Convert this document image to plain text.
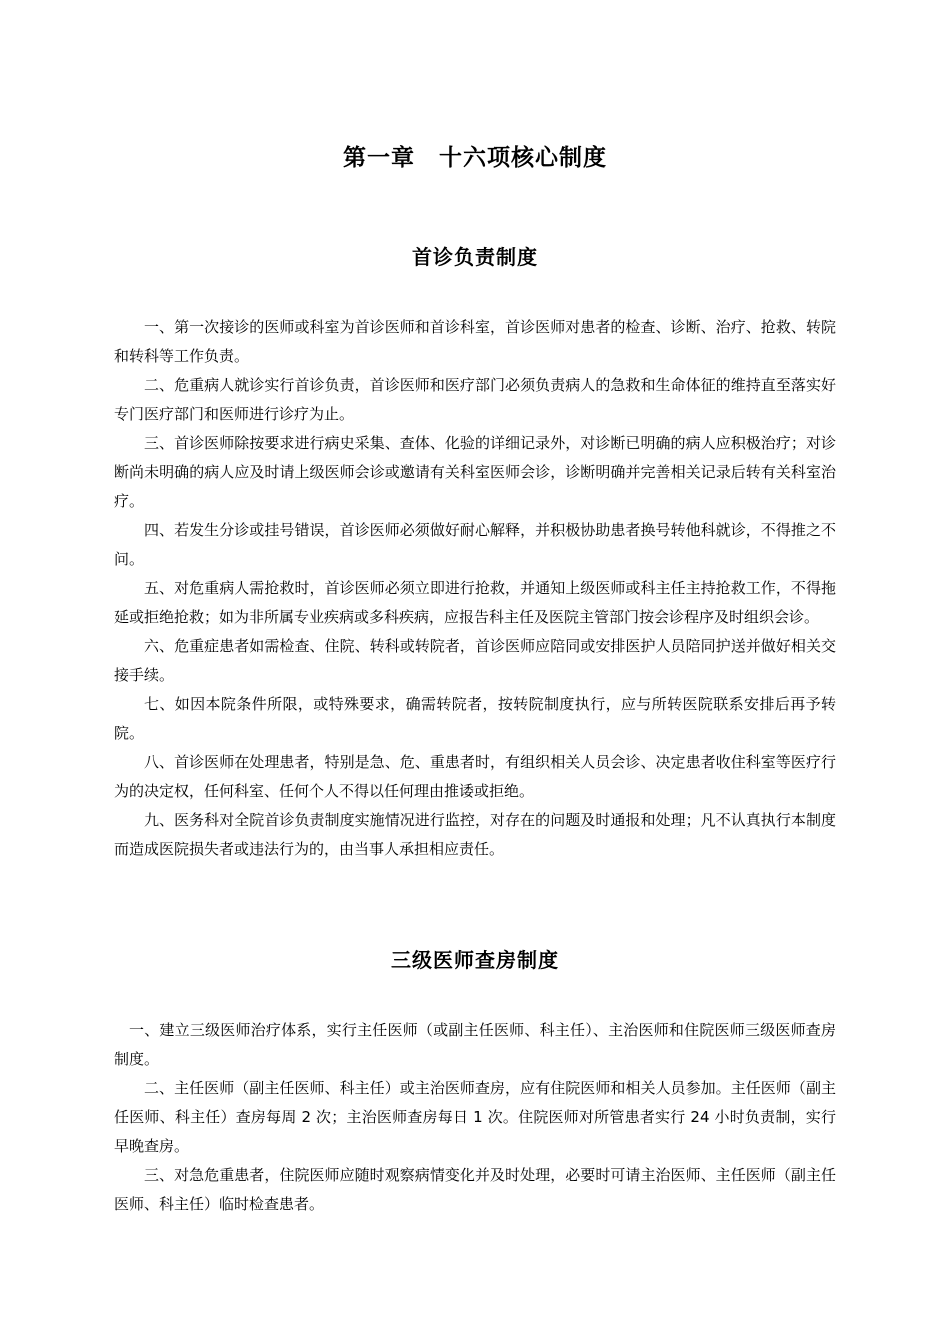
第一章　十六项核心制度
首诊负责制度

一、第一次接诊的医师或科室为首诊医师和首诊科室，首诊医师对患者的检查、诊断、治疗、抢救、转院和转科等工作负责。

二、危重病人就诊实行首诊负责，首诊医师和医疗部门必须负责病人的急救和生命体征的维持直至落实好专门医疗部门和医师进行诊疗为止。

三、首诊医师除按要求进行病史采集、查体、化验的详细记录外，对诊断已明确的病人应积极治疗；对诊断尚未明确的病人应及时请上级医师会诊或邀请有关科室医师会诊，诊断明确并完善相关记录后转有关科室治疗。

四、若发生分诊或挂号错误，首诊医师必须做好耐心解释，并积极协助患者换号转他科就诊，不得推之不问。

五、对危重病人需抢救时，首诊医师必须立即进行抢救，并通知上级医师或科主任主持抢救工作，不得拖延或拒绝抢救；如为非所属专业疾病或多科疾病，应报告科主任及医院主管部门按会诊程序及时组织会诊。

六、危重症患者如需检查、住院、转科或转院者，首诊医师应陪同或安排医护人员陪同护送并做好相关交接手续。

七、如因本院条件所限，或特殊要求，确需转院者，按转院制度执行，应与所转医院联系安排后再予转院。

八、首诊医师在处理患者，特别是急、危、重患者时，有组织相关人员会诊、决定患者收住科室等医疗行为的决定权，任何科室、任何个人不得以任何理由推诿或拒绝。

九、医务科对全院首诊负责制度实施情况进行监控，对存在的问题及时通报和处理；凡不认真执行本制度而造成医院损失者或违法行为的，由当事人承担相应责任。

三级医师查房制度

一、建立三级医师治疗体系，实行主任医师（或副主任医师、科主任）、主治医师和住院医师三级医师查房制度。

二、主任医师（副主任医师、科主任）或主治医师查房，应有住院医师和相关人员参加。主任医师（副主任医师、科主任）查房每周 2 次；主治医师查房每日 1 次。住院医师对所管患者实行 24 小时负责制，实行早晚查房。

三、对急危重患者，住院医师应随时观察病情变化并及时处理，必要时可请主治医师、主任医师（副主任医师、科主任）临时检查患者。
